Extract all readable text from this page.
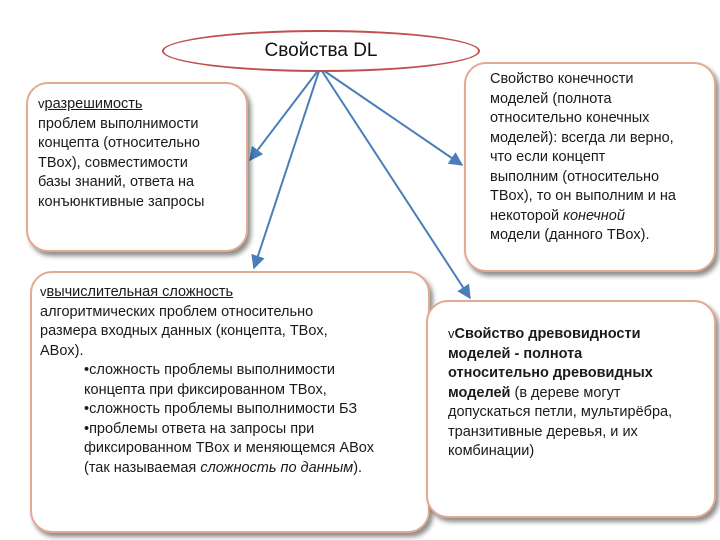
Свойства DL
vразрешимость
проблем выполнимости
концепта (относительно
TBox), совместимости
базы знаний, ответа на
конъюнктивные запросы
vвычислительная сложность
алгоритмических проблем относительно
размера входных данных (концепта, TBox,
ABox).
•сложность проблемы выполнимости
концепта при фиксированном TBox,
•сложность проблемы выполнимости БЗ
•проблемы ответа на запросы при
фиксированном TBox и меняющемся ABox
(так называемая сложность по данным).
Свойство конечности
моделей (полнота
относительно конечных
моделей): всегда ли верно,
что если концепт
выполним (относительно
TBox), то он выполним и на
некоторой конечной
модели (данного TBox).
vСвойство древовидности
моделей - полнота
относительно древовидных
моделей (в дереве могут
допускаться петли, мультирёбра,
транзитивные деревья, и их
комбинации)
